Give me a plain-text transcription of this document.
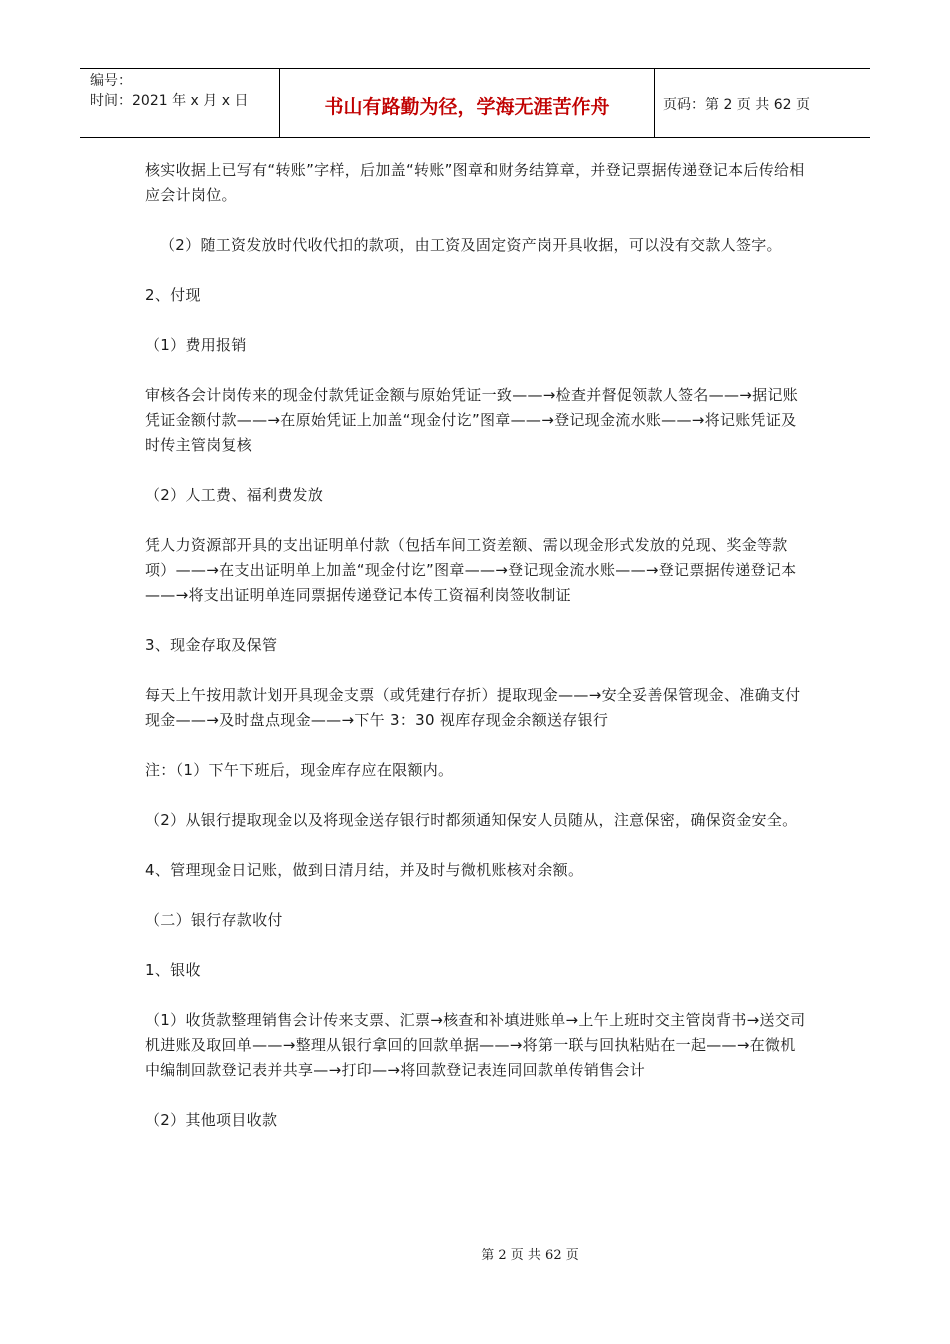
编号：
时间：2021 年 x 月 x 日	书山有路勤为径，学海无涯苦作舟	页码：第 2 页 共 62 页

核实收据上已写有“转账”字样，后加盖“转账”图章和财务结算章，并登记票据传递登记本后传给相应会计岗位。

（2）随工资发放时代收代扣的款项，由工资及固定资产岗开具收据，可以没有交款人签字。

2、付现

（1）费用报销

审核各会计岗传来的现金付款凭证金额与原始凭证一致——→检查并督促领款人签名——→据记账凭证金额付款——→在原始凭证上加盖“现金付讫”图章——→登记现金流水账——→将记账凭证及时传主管岗复核

（2）人工费、福利费发放

凭人力资源部开具的支出证明单付款（包括车间工资差额、需以现金形式发放的兑现、奖金等款项）——→在支出证明单上加盖“现金付讫”图章——→登记现金流水账——→登记票据传递登记本——→将支出证明单连同票据传递登记本传工资福利岗签收制证

3、现金存取及保管

每天上午按用款计划开具现金支票（或凭建行存折）提取现金——→安全妥善保管现金、准确支付现金——→及时盘点现金——→下午 3：30 视库存现金余额送存银行

注：（1）下午下班后，现金库存应在限额内。

（2）从银行提取现金以及将现金送存银行时都须通知保安人员随从，注意保密，确保资金安全。

4、管理现金日记账，做到日清月结，并及时与微机账核对余额。

（二）银行存款收付

1、银收

（1）收货款整理销售会计传来支票、汇票→核查和补填进账单→上午上班时交主管岗背书→送交司机进账及取回单——→整理从银行拿回的回款单据——→将第一联与回执粘贴在一起——→在微机中编制回款登记表并共享—→打印—→将回款登记表连同回款单传销售会计

（2）其他项目收款

第 2 页 共 62 页
